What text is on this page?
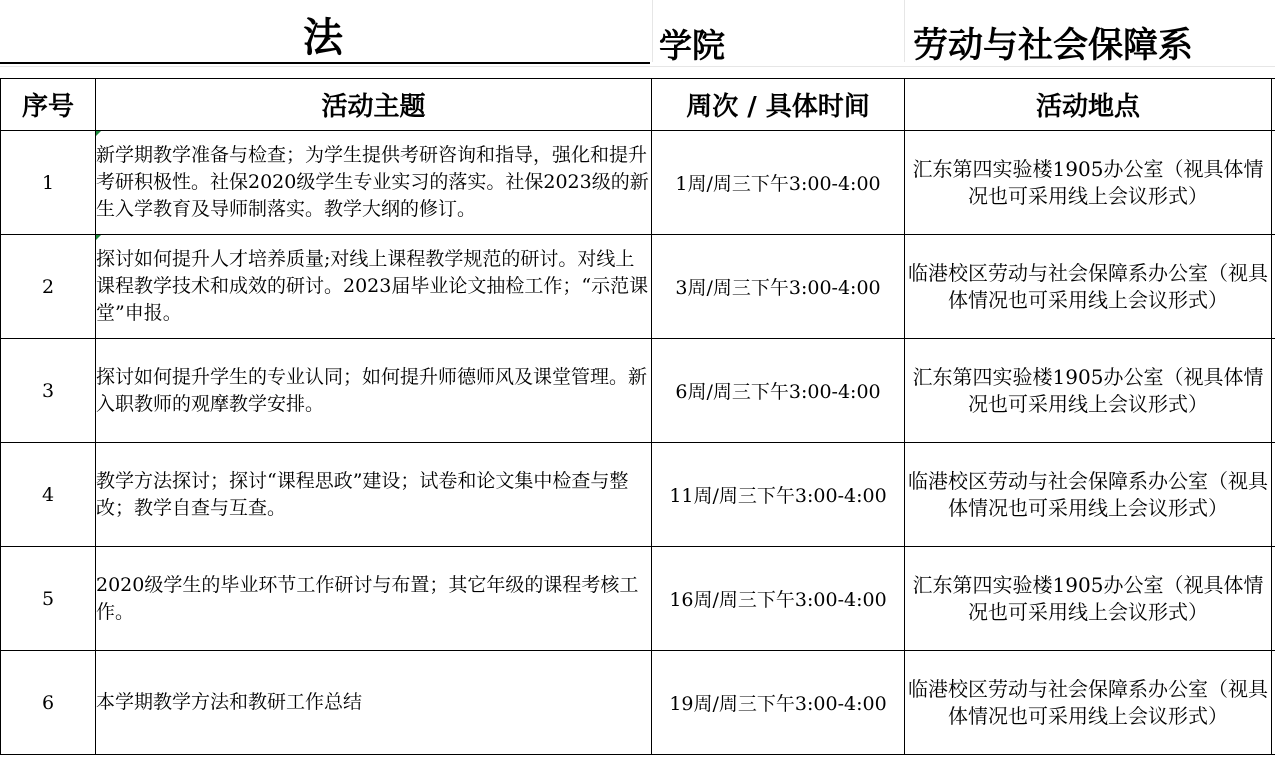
法	学院	劳动与社会保障系
序号	活动主题	周次 / 具体时间	活动地点	
1	新学期教学准备与检查；为学生提供考研咨询和指导，强化和提升考研积极性。社保2020级学生专业实习的落实。社保2023级的新生入学教育及导师制落实。教学大纲的修订。	1周/周三下午3:00-4:00	汇东第四实验楼1905办公室（视具体情况也可采用线上会议形式）	
2	探讨如何提升人才培养质量;对线上课程教学规范的研讨。对线上课程教学技术和成效的研讨。2023届毕业论文抽检工作；“示范课堂”申报。	3周/周三下午3:00-4:00	临港校区劳动与社会保障系办公室（视具体情况也可采用线上会议形式）	
3	探讨如何提升学生的专业认同；如何提升师德师风及课堂管理。新入职教师的观摩教学安排。	6周/周三下午3:00-4:00	汇东第四实验楼1905办公室（视具体情况也可采用线上会议形式）	
4	教学方法探讨；探讨“课程思政”建设；试卷和论文集中检查与整改；教学自查与互查。	11周/周三下午3:00-4:00	临港校区劳动与社会保障系办公室（视具体情况也可采用线上会议形式）	
5	2020级学生的毕业环节工作研讨与布置；其它年级的课程考核工作。	16周/周三下午3:00-4:00	汇东第四实验楼1905办公室（视具体情况也可采用线上会议形式）	
6	本学期教学方法和教研工作总结	19周/周三下午3:00-4:00	临港校区劳动与社会保障系办公室（视具体情况也可采用线上会议形式）	
